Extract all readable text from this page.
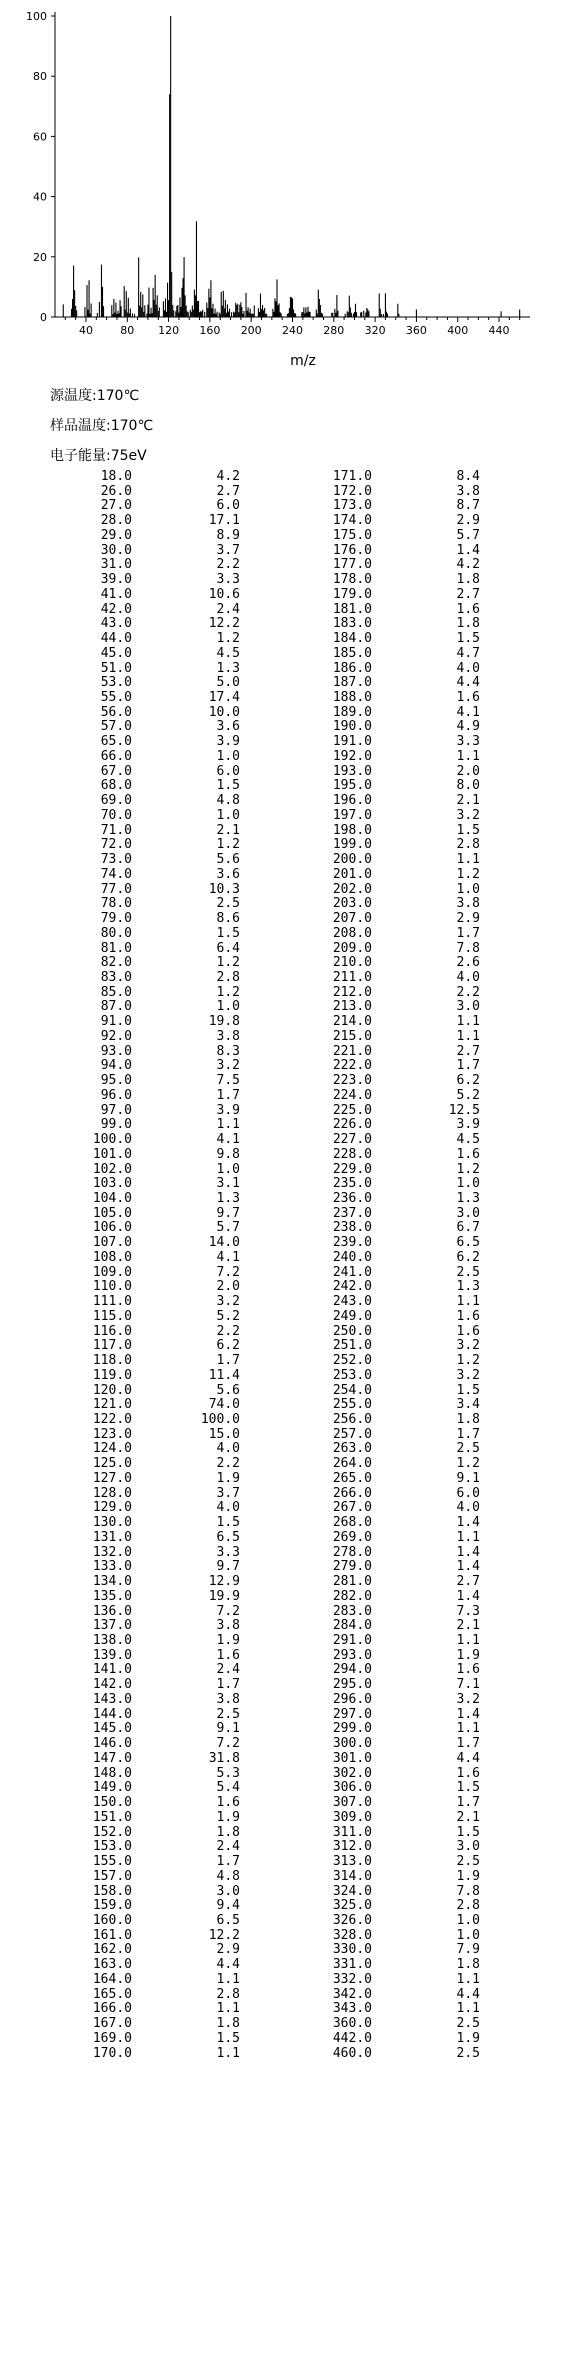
0
20
40
60
80
100
40 80 120 160 200 240 280 320 360 400 440
m/z
源温度:170℃
样品温度:170℃
电子能量:75eV
18.0	4.2
26.0	2.7
27.0	6.0
28.0	17.1
29.0	8.9
30.0	3.7
31.0	2.2
39.0	3.3
41.0	10.6
42.0	2.4
43.0	12.2
44.0	1.2
45.0	4.5
51.0	1.3
53.0	5.0
55.0	17.4
56.0	10.0
57.0	3.6
65.0	3.9
66.0	1.0
67.0	6.0
68.0	1.5
69.0	4.8
70.0	1.0
71.0	2.1
72.0	1.2
73.0	5.6
74.0	3.6
77.0	10.3
78.0	2.5
79.0	8.6
80.0	1.5
81.0	6.4
82.0	1.2
83.0	2.8
85.0	1.2
87.0	1.0
91.0	19.8
92.0	3.8
93.0	8.3
94.0	3.2
95.0	7.5
96.0	1.7
97.0	3.9
99.0	1.1
100.0	4.1
101.0	9.8
102.0	1.0
103.0	3.1
104.0	1.3
105.0	9.7
106.0	5.7
107.0	14.0
108.0	4.1
109.0	7.2
110.0	2.0
111.0	3.2
115.0	5.2
116.0	2.2
117.0	6.2
118.0	1.7
119.0	11.4
120.0	5.6
121.0	74.0
122.0	100.0
123.0	15.0
124.0	4.0
125.0	2.2
127.0	1.9
128.0	3.7
129.0	4.0
130.0	1.5
131.0	6.5
132.0	3.3
133.0	9.7
134.0	12.9
135.0	19.9
136.0	7.2
137.0	3.8
138.0	1.9
139.0	1.6
141.0	2.4
142.0	1.7
143.0	3.8
144.0	2.5
145.0	9.1
146.0	7.2
147.0	31.8
148.0	5.3
149.0	5.4
150.0	1.6
151.0	1.9
152.0	1.8
153.0	2.4
155.0	1.7
157.0	4.8
158.0	3.0
159.0	9.4
160.0	6.5
161.0	12.2
162.0	2.9
163.0	4.4
164.0	1.1
165.0	2.8
166.0	1.1
167.0	1.8
169.0	1.5
170.0	1.1
171.0	8.4
172.0	3.8
173.0	8.7
174.0	2.9
175.0	5.7
176.0	1.4
177.0	4.2
178.0	1.8
179.0	2.7
181.0	1.6
183.0	1.8
184.0	1.5
185.0	4.7
186.0	4.0
187.0	4.4
188.0	1.6
189.0	4.1
190.0	4.9
191.0	3.3
192.0	1.1
193.0	2.0
195.0	8.0
196.0	2.1
197.0	3.2
198.0	1.5
199.0	2.8
200.0	1.1
201.0	1.2
202.0	1.0
203.0	3.8
207.0	2.9
208.0	1.7
209.0	7.8
210.0	2.6
211.0	4.0
212.0	2.2
213.0	3.0
214.0	1.1
215.0	1.1
221.0	2.7
222.0	1.7
223.0	6.2
224.0	5.2
225.0	12.5
226.0	3.9
227.0	4.5
228.0	1.6
229.0	1.2
235.0	1.0
236.0	1.3
237.0	3.0
238.0	6.7
239.0	6.5
240.0	6.2
241.0	2.5
242.0	1.3
243.0	1.1
249.0	1.6
250.0	1.6
251.0	3.2
252.0	1.2
253.0	3.2
254.0	1.5
255.0	3.4
256.0	1.8
257.0	1.7
263.0	2.5
264.0	1.2
265.0	9.1
266.0	6.0
267.0	4.0
268.0	1.4
269.0	1.1
278.0	1.4
279.0	1.4
281.0	2.7
282.0	1.4
283.0	7.3
284.0	2.1
291.0	1.1
293.0	1.9
294.0	1.6
295.0	7.1
296.0	3.2
297.0	1.4
299.0	1.1
300.0	1.7
301.0	4.4
302.0	1.6
306.0	1.5
307.0	1.7
309.0	2.1
311.0	1.5
312.0	3.0
313.0	2.5
314.0	1.9
324.0	7.8
325.0	2.8
326.0	1.0
328.0	1.0
330.0	7.9
331.0	1.8
332.0	1.1
342.0	4.4
343.0	1.1
360.0	2.5
442.0	1.9
460.0	2.5
